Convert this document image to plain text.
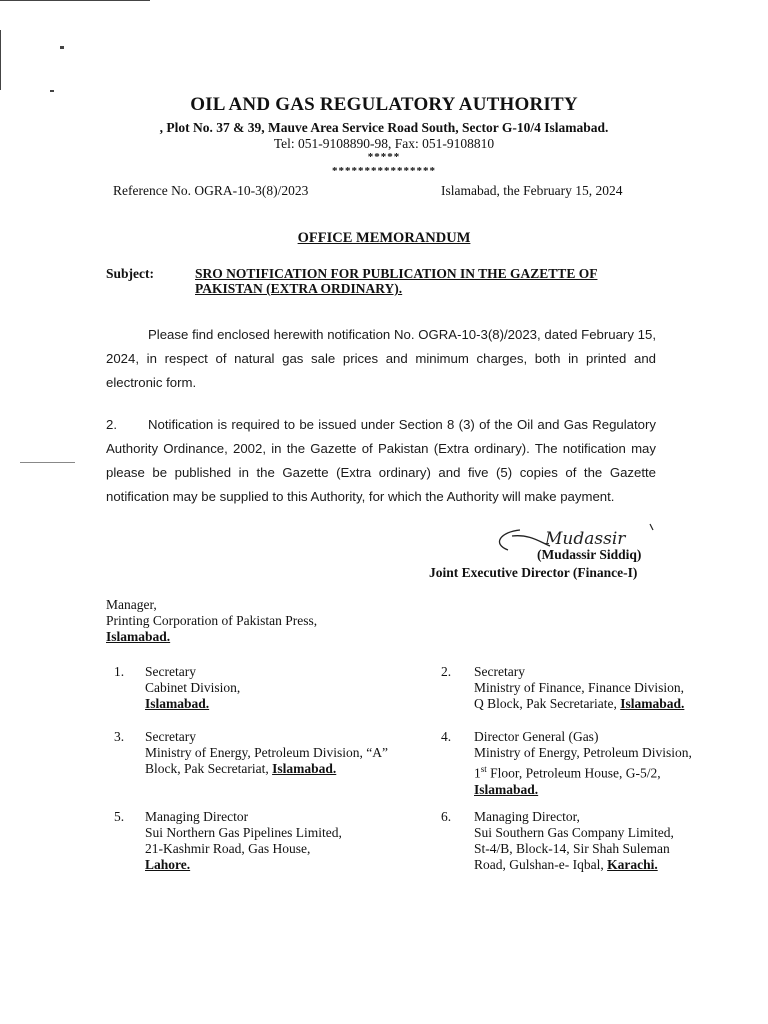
OIL AND GAS REGULATORY AUTHORITY
, Plot No. 37 & 39, Mauve Area Service Road South, Sector G-10/4 Islamabad.
Tel: 051-9108890-98, Fax: 051-9108810
*****
****************
Reference No. OGRA-10-3(8)/2023	Islamabad, the February 15, 2024
OFFICE MEMORANDUM
Subject:	SRO NOTIFICATION FOR PUBLICATION IN THE GAZETTE OF PAKISTAN (EXTRA ORDINARY).
Please find enclosed herewith notification No. OGRA-10-3(8)/2023, dated February 15, 2024, in respect of natural gas sale prices and minimum charges, both in printed and electronic form.
2. Notification is required to be issued under Section 8 (3) of the Oil and Gas Regulatory Authority Ordinance, 2002, in the Gazette of Pakistan (Extra ordinary). The notification may please be published in the Gazette (Extra ordinary) and five (5) copies of the Gazette notification may be supplied to this Authority, for which the Authority will make payment.
Mudassir
(Mudassir Siddiq)
Joint Executive Director (Finance-I)
Manager,
Printing Corporation of Pakistan Press,
Islamabad.
1. Secretary
Cabinet Division,
Islamabad.
2. Secretary
Ministry of Finance, Finance Division,
Q Block, Pak Secretariate, Islamabad.
3. Secretary
Ministry of Energy, Petroleum Division, “A”
Block, Pak Secretariat, Islamabad.
4. Director General (Gas)
Ministry of Energy, Petroleum Division,
1st Floor, Petroleum House, G-5/2,
Islamabad.
5. Managing Director
Sui Northern Gas Pipelines Limited,
21-Kashmir Road, Gas House,
Lahore.
6. Managing Director,
Sui Southern Gas Company Limited,
St-4/B, Block-14, Sir Shah Suleman
Road, Gulshan-e- Iqbal, Karachi.
